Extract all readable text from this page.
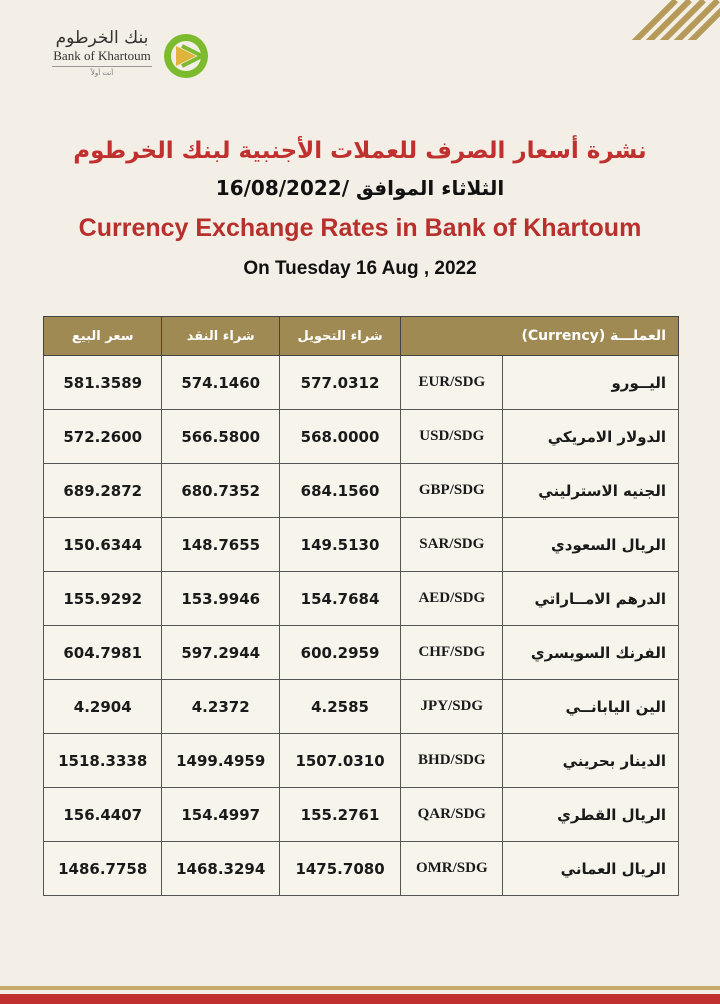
بنك الخرطوم
Bank of Khartoum
أنت أولاً
نشرة أسعار الصرف للعملات الأجنبية لبنك الخرطوم
الثلاثاء الموافق /16/08/2022
Currency Exchange Rates in Bank of Khartoum
On Tuesday 16 Aug , 2022
سعر البيع	شراء النقد	شراء التحويل	العملـــة (Currency)	
581.3589	574.1460	577.0312	EUR/SDG	اليــورو
572.2600	566.5800	568.0000	USD/SDG	الدولار الامريكي
689.2872	680.7352	684.1560	GBP/SDG	الجنيه الاسترليني
150.6344	148.7655	149.5130	SAR/SDG	الريال السعودي
155.9292	153.9946	154.7684	AED/SDG	الدرهم الامــاراتي
604.7981	597.2944	600.2959	CHF/SDG	الفرنك السويسري
4.2904	4.2372	4.2585	JPY/SDG	الين اليابانــي
1518.3338	1499.4959	1507.0310	BHD/SDG	الدينار بحريني
156.4407	154.4997	155.2761	QAR/SDG	الريال القطري
1486.7758	1468.3294	1475.7080	OMR/SDG	الريال العماني
